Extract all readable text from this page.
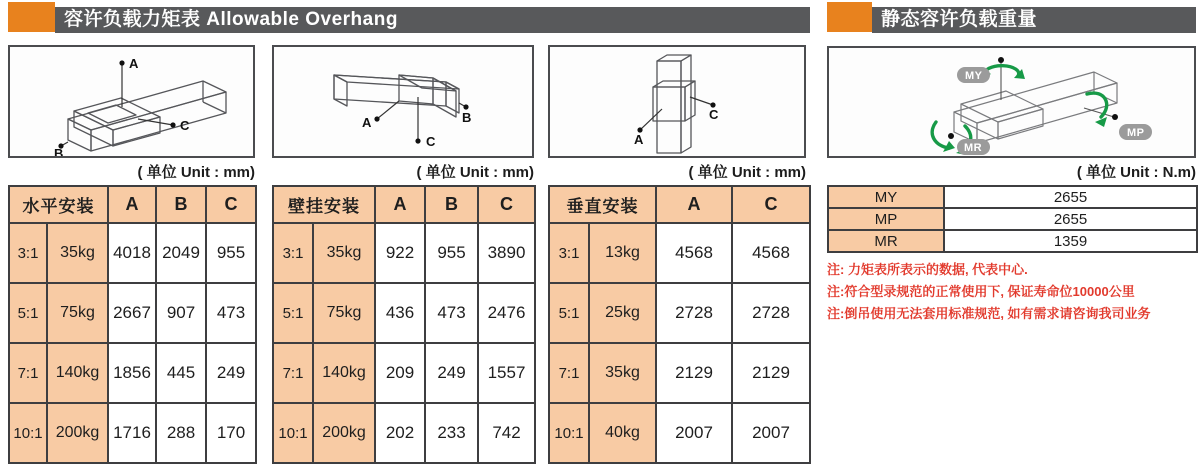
容许负载力矩表 Allowable Overhang	静态容许负载重量
A
B
C
( 单位 Unit : mm)
A	B
C
( 单位 Unit : mm)
A
C
( 单位 Unit : mm)
MY
MP
MR
( 单位 Unit : N.m)
水平安装		A	B	C
3:1	35kg	4018	2049	955
5:1	75kg	2667	907	473
7:1	140kg	1856	445	249
10:1	200kg	1716	288	170
壁挂安装		A	B	C
3:1	35kg	922	955	3890
5:1	75kg	436	473	2476
7:1	140kg	209	249	1557
10:1	200kg	202	233	742
垂直安装		A	C
3:1	13kg	4568	4568
5:1	25kg	2728	2728
7:1	35kg	2129	2129
10:1	40kg	2007	2007
MY	2655
MP	2655
MR	1359
注: 力矩表所表示的数据, 代表中心.
注:符合型录规范的正常使用下, 保证寿命位10000公里
注:倒吊使用无法套用标准规范, 如有需求请咨询我司业务
